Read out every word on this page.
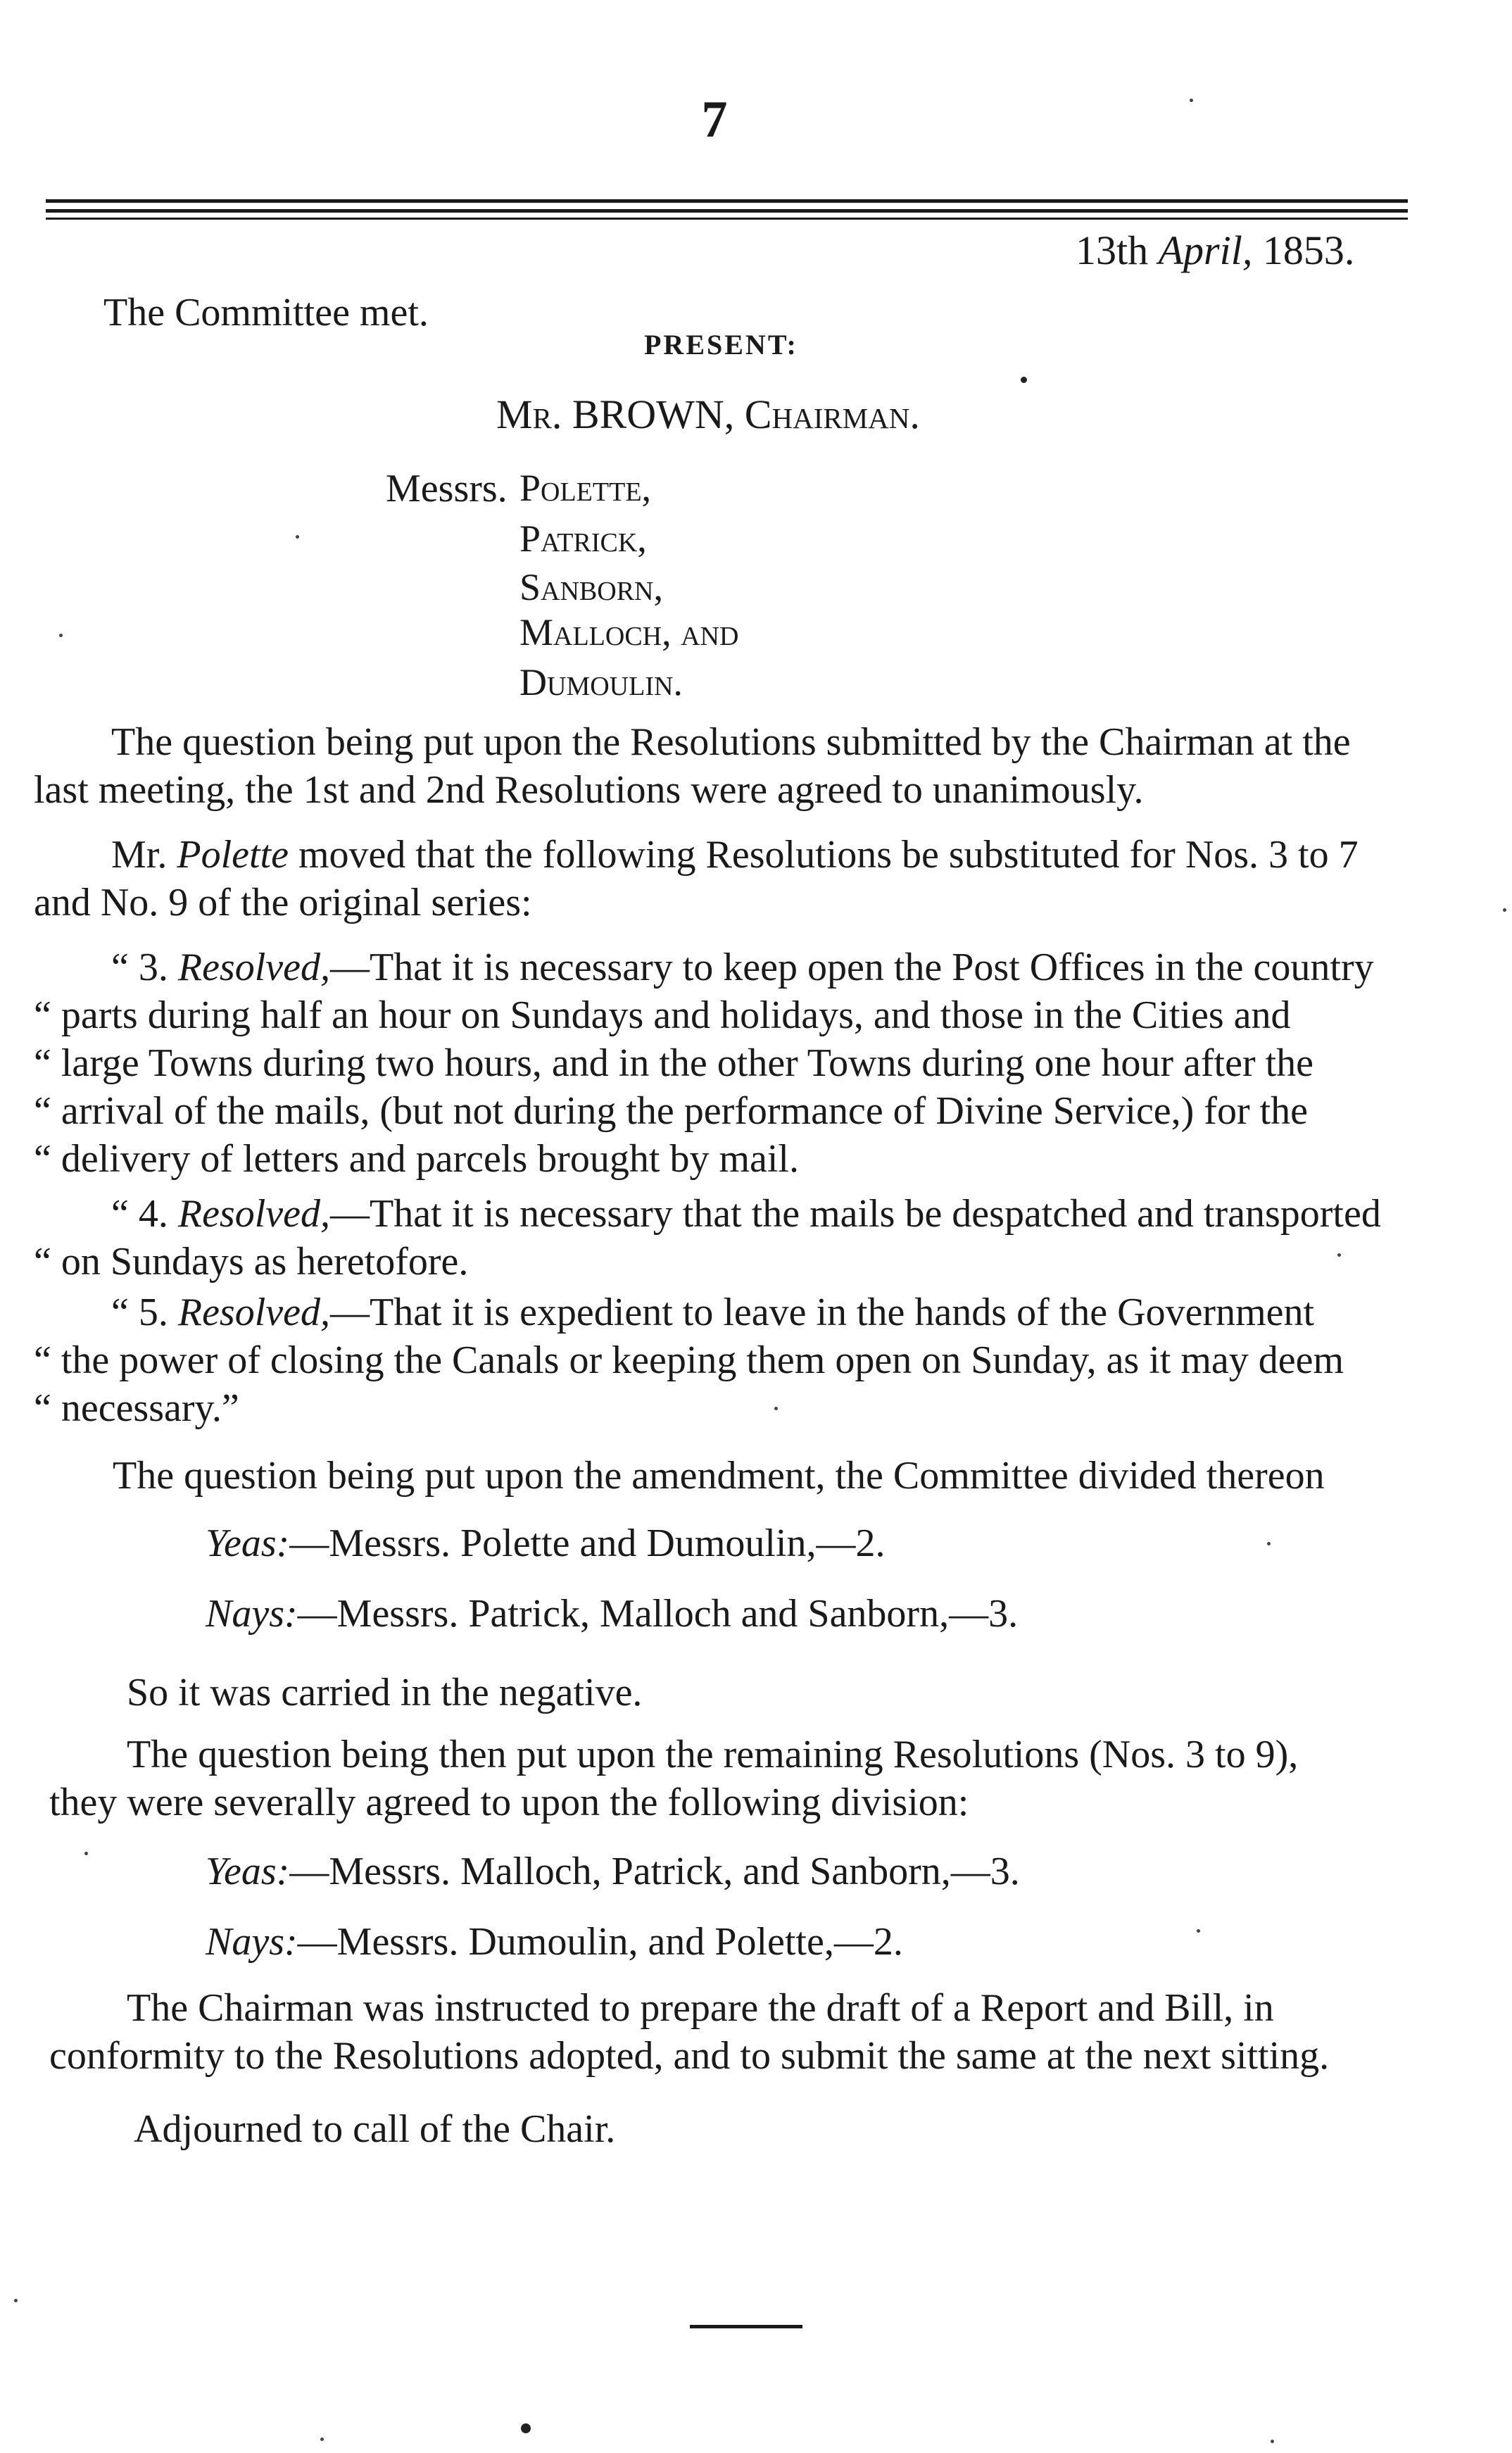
7
13th April, 1853.
The Committee met.
PRESENT:
Mr. BROWN, Chairman.
Messrs. Polette,
Patrick,
Sanborn,
Malloch, and
Dumoulin.
The question being put upon the Resolutions submitted by the Chairman at the
last meeting, the 1st and 2nd Resolutions were agreed to unanimously.
Mr. Polette moved that the following Resolutions be substituted for Nos. 3 to 7
and No. 9 of the original series:
“ 3. Resolved,—That it is necessary to keep open the Post Offices in the country
“ parts during half an hour on Sundays and holidays, and those in the Cities and
“ large Towns during two hours, and in the other Towns during one hour after the
“ arrival of the mails, (but not during the performance of Divine Service,) for the
“ delivery of letters and parcels brought by mail.
“ 4. Resolved,—That it is necessary that the mails be despatched and transported
“ on Sundays as heretofore.
“ 5. Resolved,—That it is expedient to leave in the hands of the Government
“ the power of closing the Canals or keeping them open on Sunday, as it may deem
“ necessary.”
The question being put upon the amendment, the Committee divided thereon
Yeas:—Messrs. Polette and Dumoulin,—2.
Nays:—Messrs. Patrick, Malloch and Sanborn,—3.
So it was carried in the negative.
The question being then put upon the remaining Resolutions (Nos. 3 to 9),
they were severally agreed to upon the following division:
Yeas:—Messrs. Malloch, Patrick, and Sanborn,—3.
Nays:—Messrs. Dumoulin, and Polette,—2.
The Chairman was instructed to prepare the draft of a Report and Bill, in
conformity to the Resolutions adopted, and to submit the same at the next sitting.
Adjourned to call of the Chair.
